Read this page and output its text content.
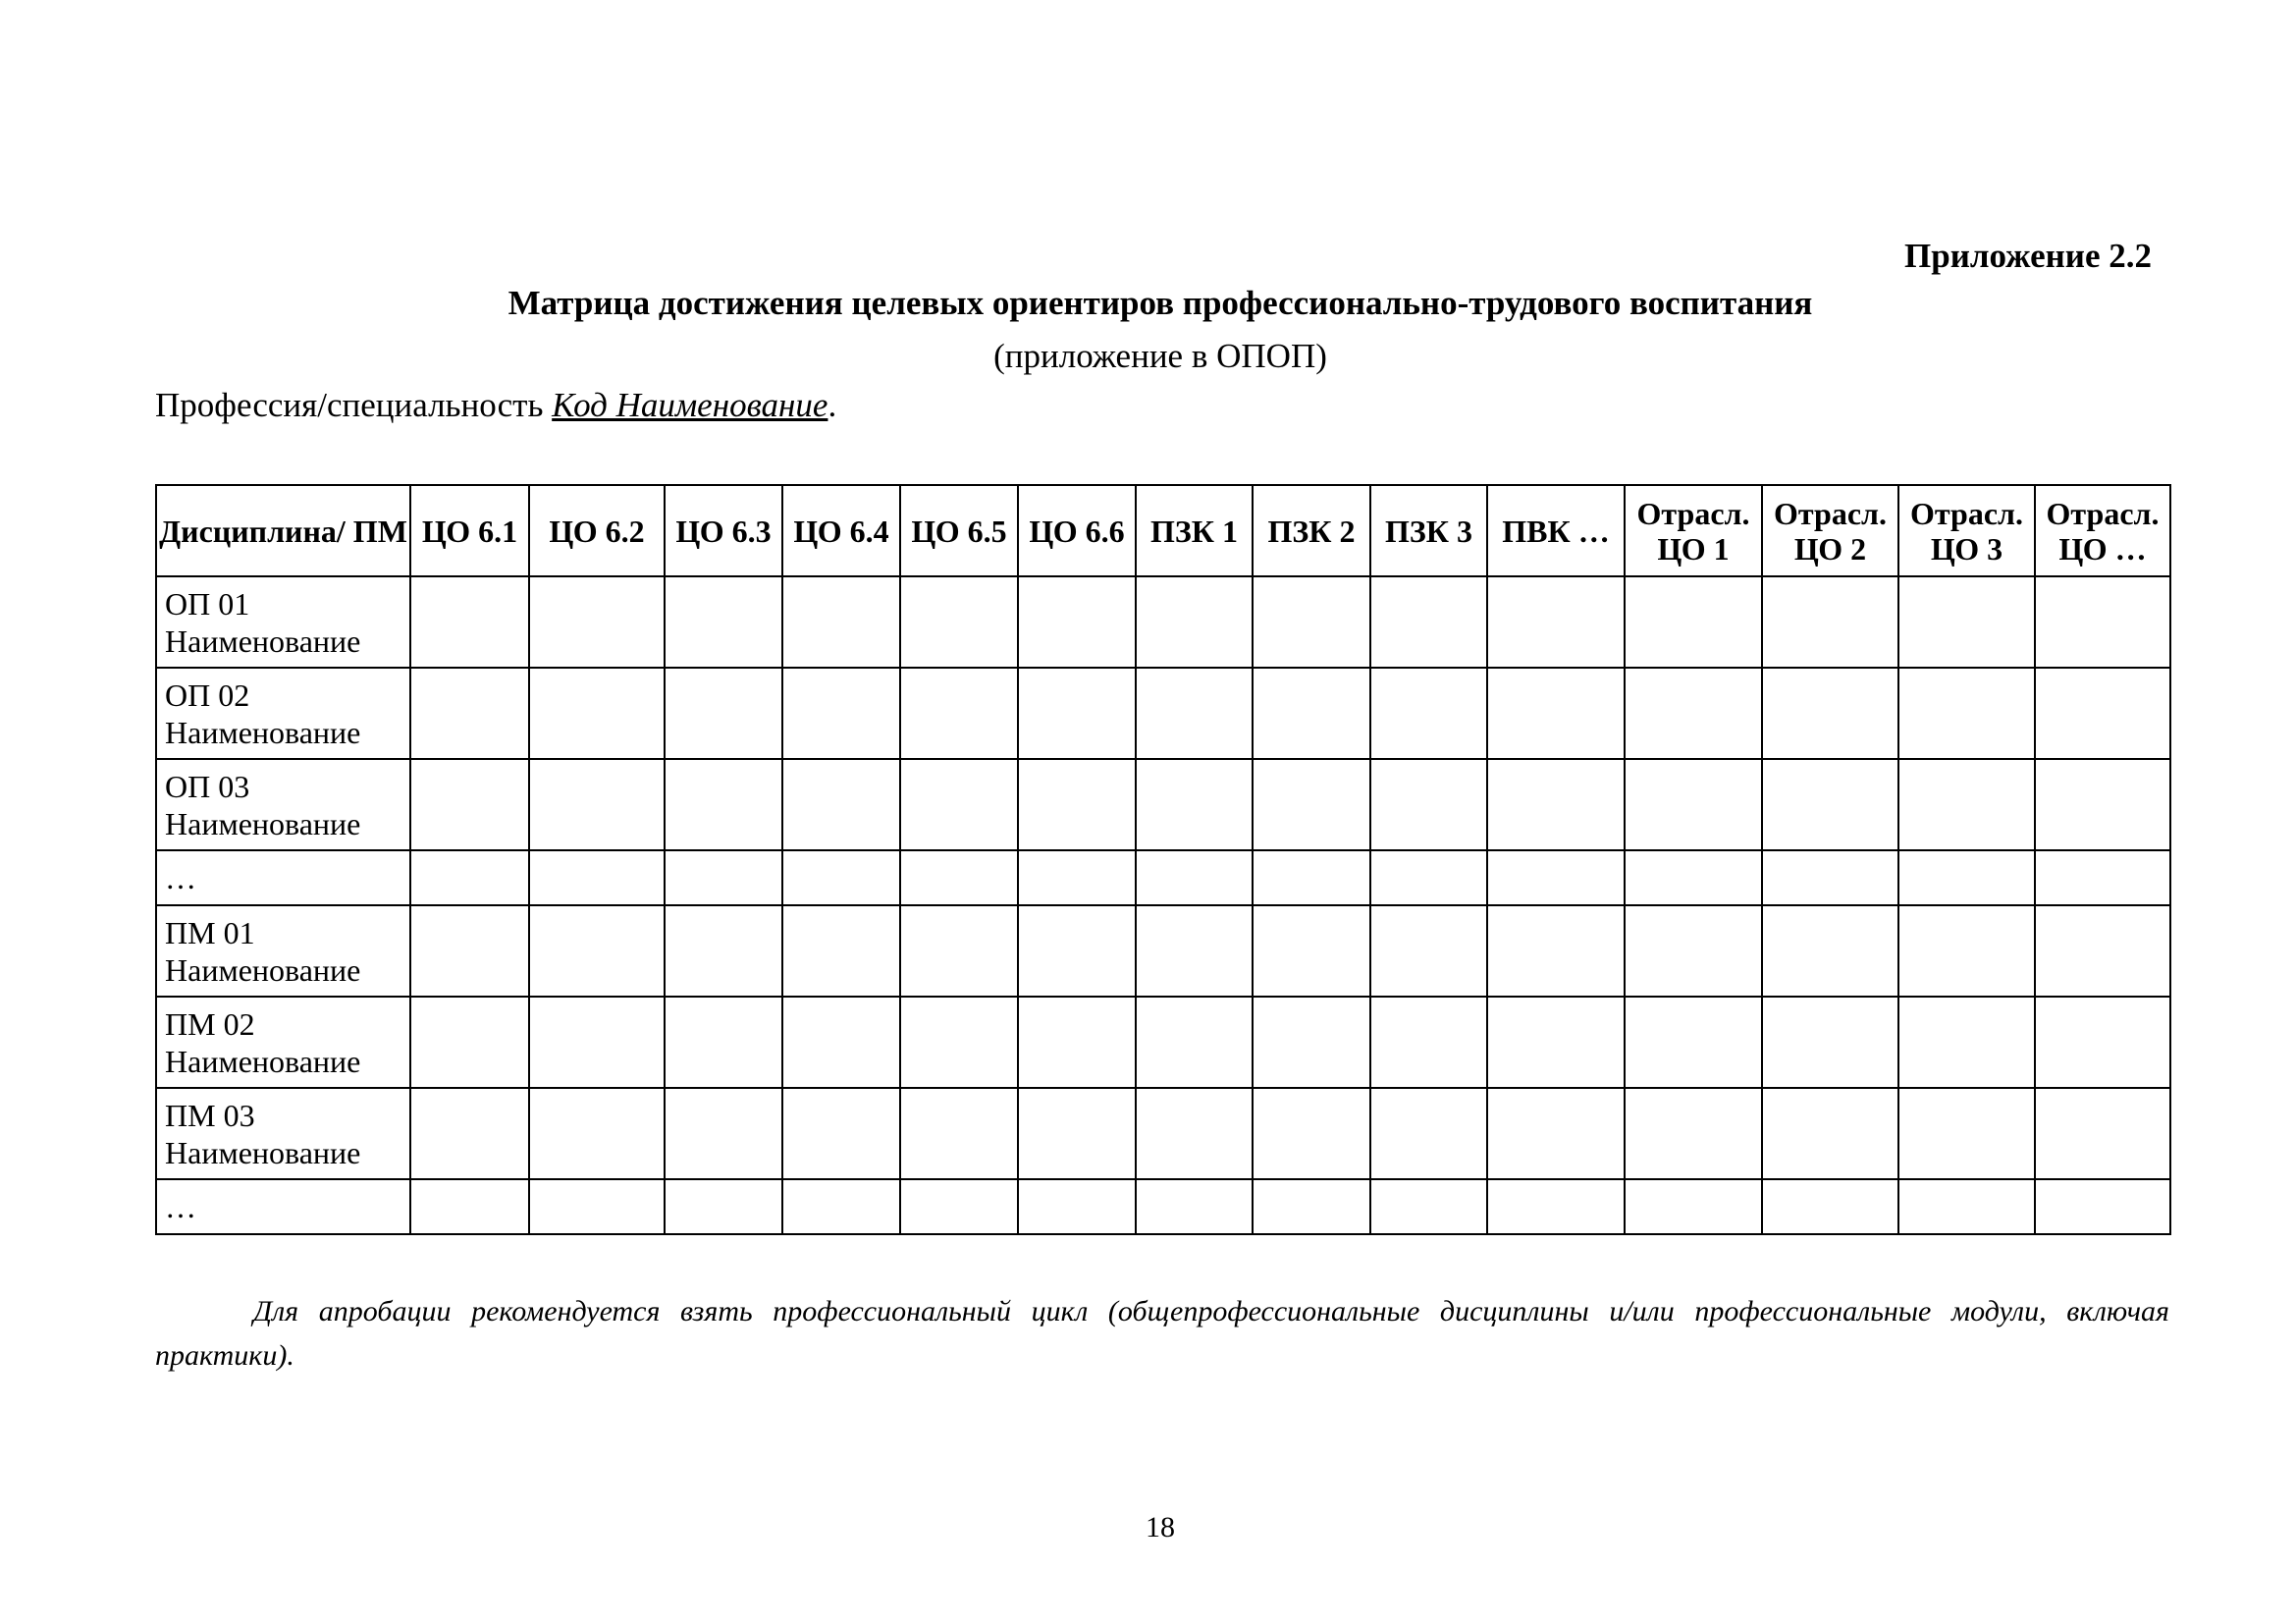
Приложение 2.2
Матрица достижения целевых ориентиров профессионально-трудового воспитания
(приложение в ОПОП)
Профессия/специальность Код Наименование.
Дисциплина/ ПМ	ЦО 6.1	ЦО 6.2	ЦО 6.3	ЦО 6.4	ЦО 6.5	ЦО 6.6	ПЗК 1	ПЗК 2	ПЗК 3	ПВК …	Отрасл. ЦО 1	Отрасл. ЦО 2	Отрасл. ЦО 3	Отрасл. ЦО …

ОП 01
Наименование														

ОП 02
Наименование														

ОП 03
Наименование														

…														

ПМ 01
Наименование														

ПМ 02
Наименование														

ПМ 03
Наименование														

…														

Для апробации рекомендуется взять профессиональный цикл (общепрофессиональные дисциплины и/или профессиональные модули, включая практики).
18
